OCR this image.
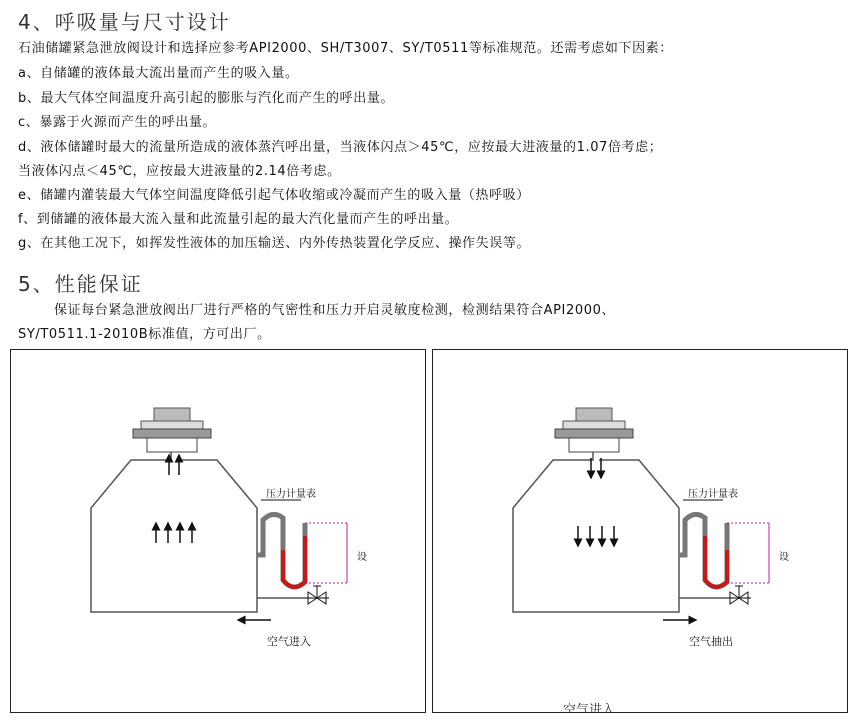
4、呼吸量与尺寸设计
石油储罐紧急泄放阀设计和选择应参考API2000、SH/T3007、SY/T0511等标准规范。还需考虑如下因素：
a、自储罐的液体最大流出量而产生的吸入量。
b、最大气体空间温度升高引起的膨胀与汽化而产生的呼出量。
c、暴露于火源而产生的呼出量。
d、液体储罐时最大的流量所造成的液体蒸汽呼出量，当液体闪点＞45℃，应按最大进液量的1.07倍考虑；
当液体闪点＜45℃，应按最大进液量的2.14倍考虑。
e、储罐内灌装最大气体空间温度降低引起气体收缩或冷凝而产生的吸入量（热呼吸）
f、到储罐的液体最大流入量和此流量引起的最大汽化量而产生的呼出量。
g、在其他工况下，如挥发性液体的加压输送、内外传热装置化学反应、操作失误等。
5、性能保证
保证每台紧急泄放阀出厂进行严格的气密性和压力开启灵敏度检测，检测结果符合API2000、
SY/T0511.1-2010B标准值，方可出厂。
压力计量表
设
空气进入
压力计量表
设
空气抽出
空气进入
